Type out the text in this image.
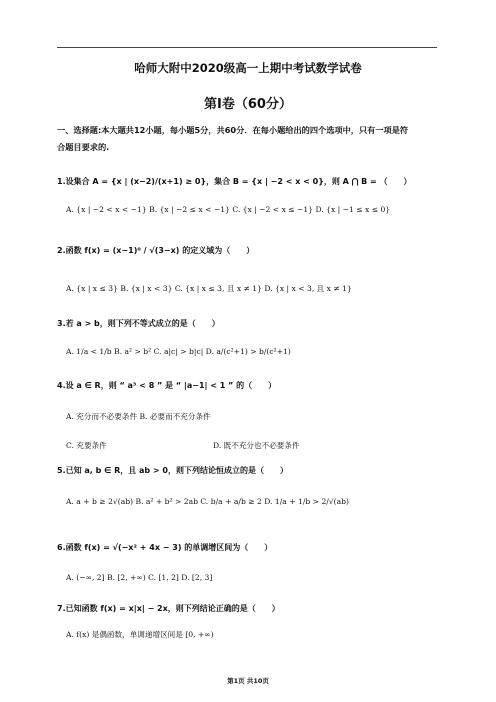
哈师大附中2020级高一上期中考试数学试卷
第Ⅰ卷（60分）
一、选择题:本大题共12小题，每小题5分，共60分．在每小题给出的四个选项中，只有一项是符
合题目要求的.
1.设集合 A = {x | (x−2)/(x+1) ≥ 0}，集合 B = {x | −2 < x < 0}，则 A ⋂ B = （　　）
A. {x | −2 < x < −1} B. {x | −2 ≤ x < −1} C. {x | −2 < x ≤ −1} D. {x | −1 ≤ x ≤ 0}
2.函数 f(x) = (x−1)⁰ / √(3−x) 的定义域为（　　）
A. {x | x ≤ 3} B. {x | x < 3} C. {x | x ≤ 3, 且 x ≠ 1} D. {x | x < 3, 且 x ≠ 1}
3.若 a > b，则下列不等式成立的是（　　）
A. 1/a < 1/b B. a² > b² C. a|c| > b|c| D. a/(c²+1) > b/(c²+1)
4.设 a ∈ R，则 “ a³ < 8 ” 是 “ |a−1| < 1 ” 的（　　）
A. 充分而不必要条件 B. 必要而不充分条件
C. 充要条件	D. 既不充分也不必要条件
5.已知 a, b ∈ R，且 ab > 0，则下列结论恒成立的是（　　）
A. a + b ≥ 2√(ab) B. a² + b² > 2ab C. b/a + a/b ≥ 2 D. 1/a + 1/b > 2/√(ab)
6.函数 f(x) = √(−x² + 4x − 3) 的单调增区间为（　　）
A. (−∞, 2] B. [2, +∞) C. [1, 2] D. [2, 3]
7.已知函数 f(x) = x|x| − 2x，则下列结论正确的是（　　）
A. f(x) 是偶函数，单调递增区间是 [0, +∞)
第1页 共10页
